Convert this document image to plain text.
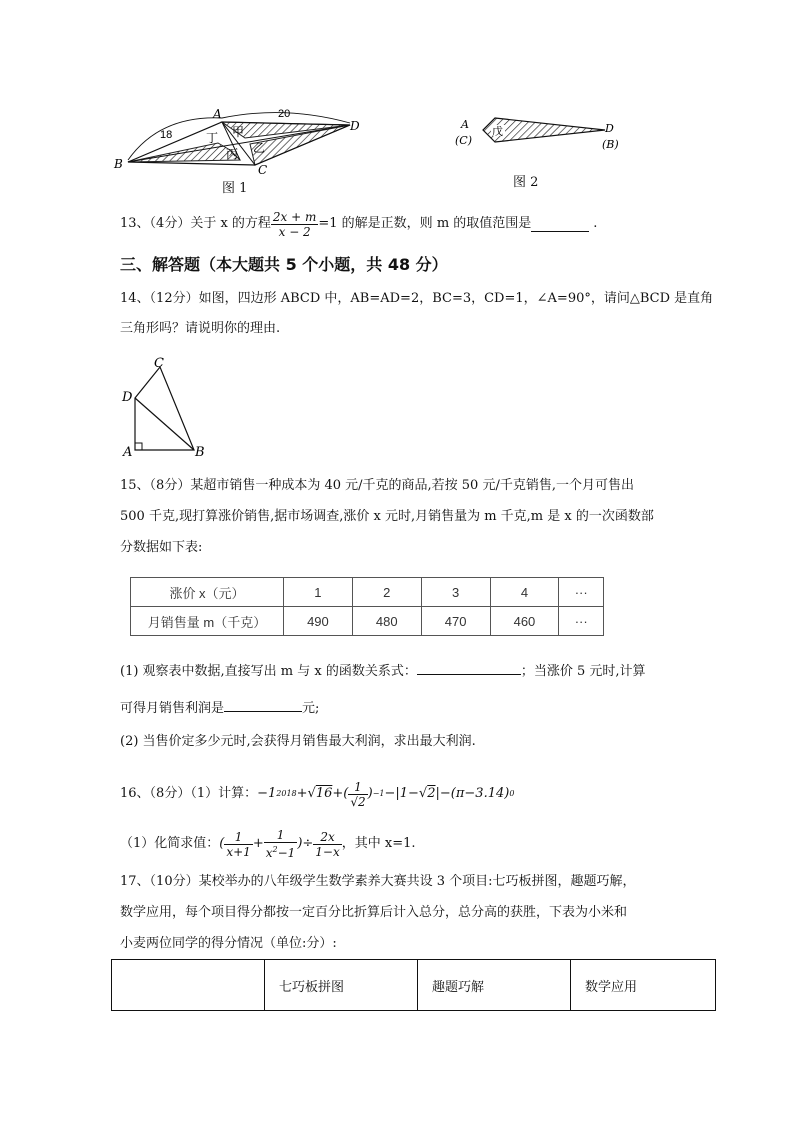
18
20
A
B	C
D
甲
丁
丙 乙
图 1
戊
A
(C)
D
(B)
图 2
13、（4分）关于 x 的方程 $\frac{2x + m}{x - 2} =1$ 的解是正数，则 m 的取值范围是	.
三、解答题（本大题共 5 个小题，共 48 分）
14、（12分）如图，四边形 ABCD 中，AB=AD=2，BC=3，CD=1，∠A=90°，请问△BCD 是直角
三角形吗？请说明你的理由.
C
D
A	B
15、（8分）某超市销售一种成本为 40 元/千克的商品,若按 50 元/千克销售,一个月可售出
500 千克,现打算涨价销售,据市场调查,涨价 x 元时,月销售量为 m 千克,m 是 x 的一次函数部
分数据如下表:
涨价 x（元）	1	2	3	4	···
月销售量 m（千克）	490	480	470	460	···
(1) 观察表中数据,直接写出 m 与 x 的函数关系式：	；当涨价 5 元时,计算
可得月销售利润是	元;
(2) 当售价定多少元时,会获得月销售最大利润，求出最大利润.
16、（8分）（1）计算： −1 2018 +√ 16 +( $\frac{1}{√2}$ ) −1 −|1−√ 2 |−(π−3.14) 0
（1）化简求值： ( $\frac{1}{x+1} + \frac{1}{x^2-1}$ )÷ $\frac{2x}{1-x}$ ，其中 x=1.
17、（10分）某校举办的八年级学生数学素养大赛共设 3 个项目:七巧板拼图，趣题巧解，
数学应用，每个项目得分都按一定百分比折算后计入总分，总分高的获胜，下表为小米和
小麦两位同学的得分情况（单位:分）:
	七巧板拼图	趣题巧解	数学应用
